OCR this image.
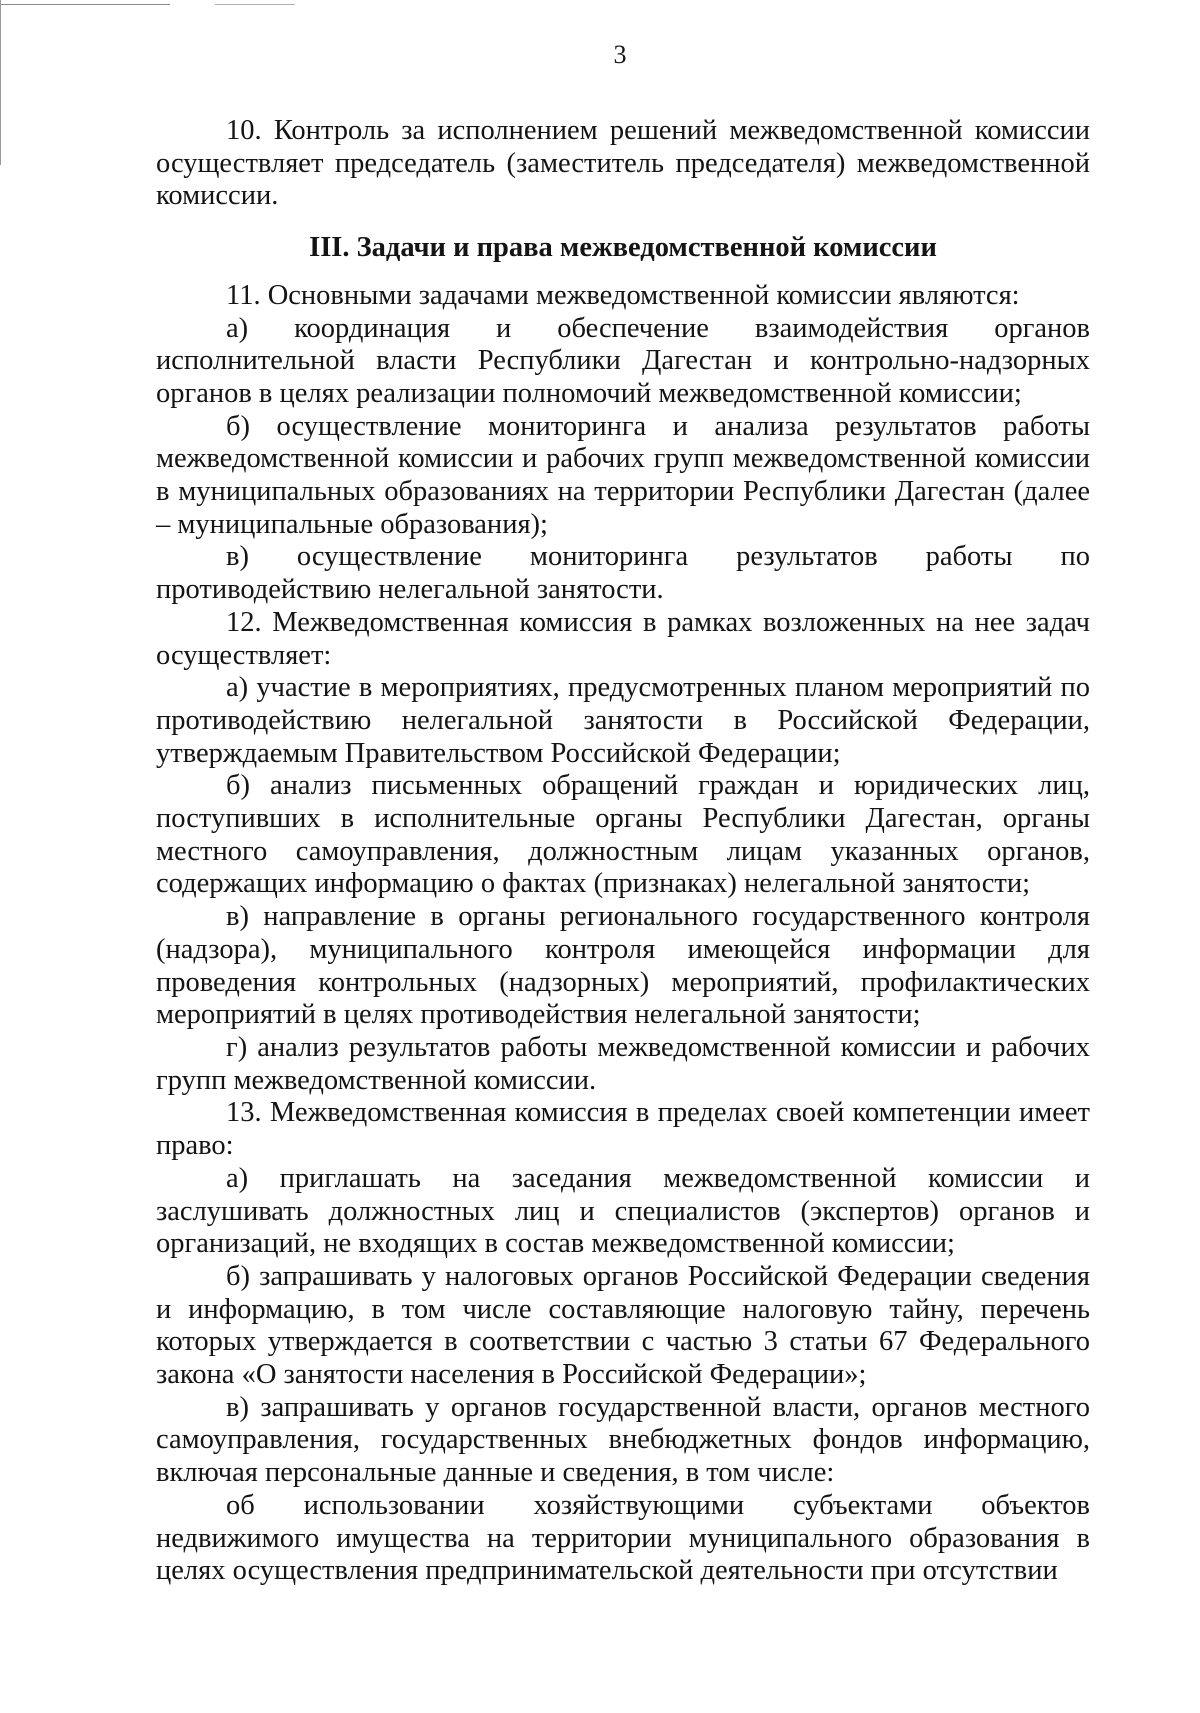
3

10. Контроль за исполнением решений межведомственной комиссии осуществляет председатель (заместитель председателя) межведомственной комиссии.

III. Задачи и права межведомственной комиссии

11. Основными задачами межведомственной комиссии являются:

а) координация и обеспечение взаимодействия органов исполнительной власти Республики Дагестан и контрольно-надзорных органов в целях реализации полномочий межведомственной комиссии;

б) осуществление мониторинга и анализа результатов работы межведомственной комиссии и рабочих групп межведомственной комиссии в муниципальных образованиях на территории Республики Дагестан (далее – муниципальные образования);

в) осуществление мониторинга результатов работы по противодействию нелегальной занятости.

12. Межведомственная комиссия в рамках возложенных на нее задач осуществляет:

а) участие в мероприятиях, предусмотренных планом мероприятий по противодействию нелегальной занятости в Российской Федерации, утверждаемым Правительством Российской Федерации;

б) анализ письменных обращений граждан и юридических лиц, поступивших в исполнительные органы Республики Дагестан, органы местного самоуправления, должностным лицам указанных органов, содержащих информацию о фактах (признаках) нелегальной занятости;

в) направление в органы регионального государственного контроля (надзора), муниципального контроля имеющейся информации для проведения контрольных (надзорных) мероприятий, профилактических мероприятий в целях противодействия нелегальной занятости;

г) анализ результатов работы межведомственной комиссии и рабочих групп межведомственной комиссии.

13. Межведомственная комиссия в пределах своей компетенции имеет право:

а) приглашать на заседания межведомственной комиссии и заслушивать должностных лиц и специалистов (экспертов) органов и организаций, не входящих в состав межведомственной комиссии;

б) запрашивать у налоговых органов Российской Федерации сведения и информацию, в том числе составляющие налоговую тайну, перечень которых утверждается в соответствии с частью 3 статьи 67 Федерального закона «О занятости населения в Российской Федерации»;

в) запрашивать у органов государственной власти, органов местного самоуправления, государственных внебюджетных фондов информацию, включая персональные данные и сведения, в том числе:

об использовании хозяйствующими субъектами объектов недвижимого имущества на территории муниципального образования в целях осуществления предпринимательской деятельности при отсутствии
